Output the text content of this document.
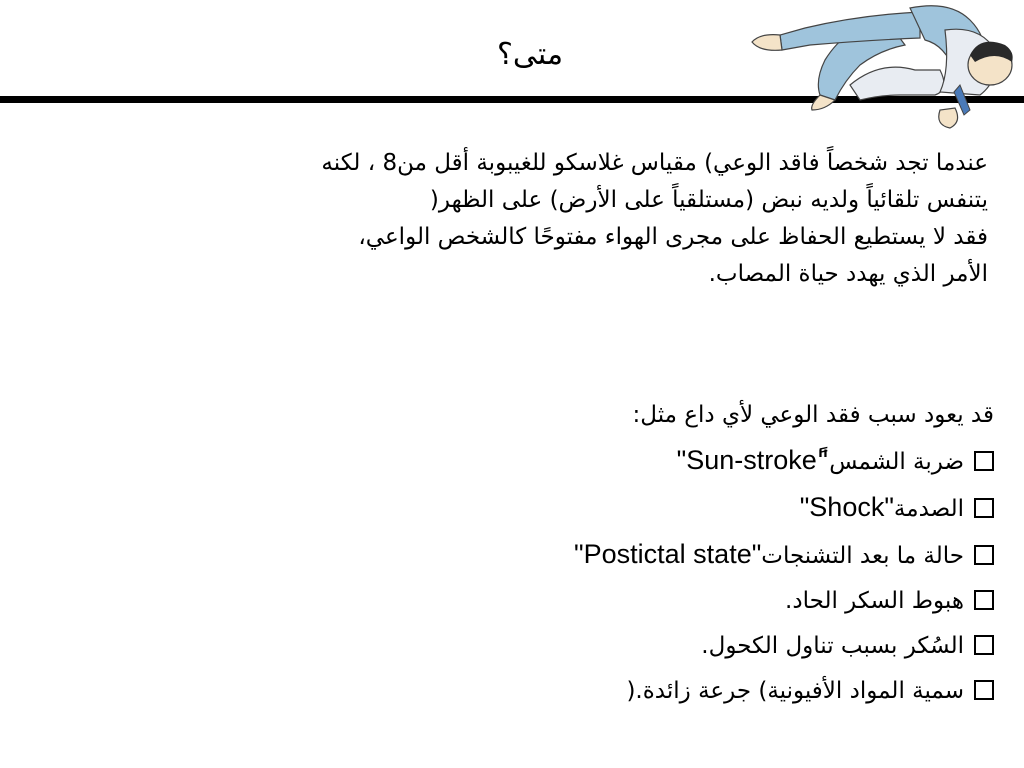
متى؟

عندما تجد شخصاً فاقد الوعي) مقياس غلاسكو للغيبوبة أقل من8 ، لكنه

يتنفس تلقائياً ولديه نبض (مستلقياً على الأرض) على الظهر(

فقد لا يستطيع الحفاظ على مجرى الهواء مفتوحًا كالشخص الواعي،

الأمر الذي يهدد حياة المصاب.

قد يعود سبب فقد الوعي لأي داع مثل:

ضربة الشمس"Sun-stroke"ً
الصدمة"Shock"
حالة ما بعد التشنجات"Postictal state"
هبوط السكر الحاد.
السُكر بسبب تناول الكحول.
سمية المواد الأفيونية) جرعة زائدة.(
